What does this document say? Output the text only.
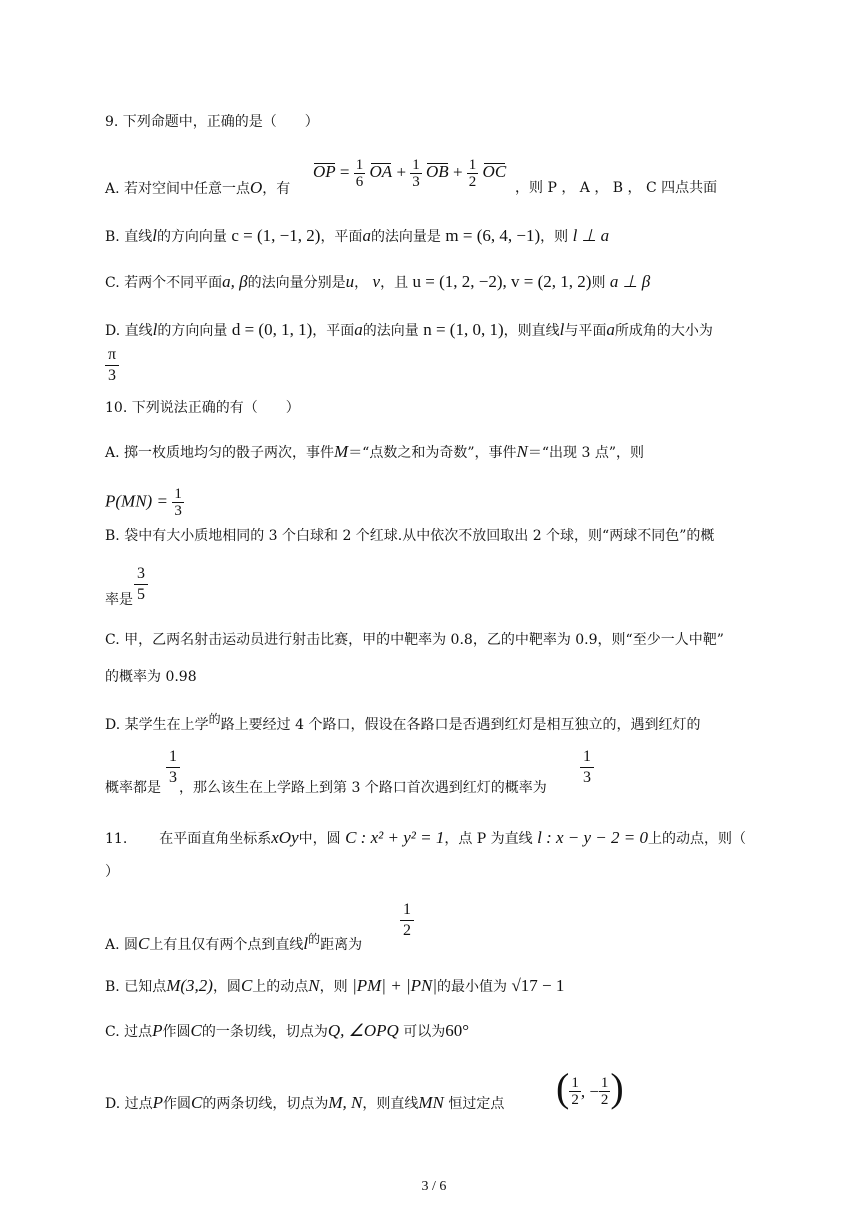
9. 下列命题中，正确的是（　　）
A. 若对空间中任意一点O，有
OP = $\frac{1}{6}$ OA + $\frac{1}{3}$ OB + $\frac{1}{2}$ OC
，则 P ， A ， B ， C 四点共面
B. 直线l的方向向量 c = (1, −1, 2)，平面a的法向量是 m = (6, 4, −1)，则 l ⊥ a
C. 若两个不同平面a, β的法向量分别是u， v，且 u = (1, 2, −2), v = (2, 1, 2)则 a ⊥ β
D. 直线l的方向向量 d = (0, 1, 1)，平面a的法向量 n = (1, 0, 1)，则直线l与平面a所成角的大小为
π
3
10. 下列说法正确的有（　　）
A. 掷一枚质地均匀的骰子两次，事件M＝“点数之和为奇数”，事件N＝“出现 3 点”，则
$P(MN) = \frac{1}{3}$
B. 袋中有大小质地相同的 3 个白球和 2 个红球.从中依次不放回取出 2 个球，则“两球不同色”的概
3
5
率是
C. 甲，乙两名射击运动员进行射击比赛，甲的中靶率为 0.8，乙的中靶率为 0.9，则“至少一人中靶”
的概率为 0.98
D. 某学生在上学的路上要经过 4 个路口，假设在各路口是否遇到红灯是相互独立的，遇到红灯的
1
3
概率都是 ，那么该生在上学路上到第 3 个路口首次遇到红灯的概率为
1
3
11. 在平面直角坐标系xOy中，圆 C : x² + y² = 1，点 P 为直线 l : x − y − 2 = 0上的动点，则（
）
1
2
A. 圆C上有且仅有两个点到直线l的距离为
B. 已知点M(3,2)，圆C上的动点N，则 |PM| + |PN|的最小值为 √17 − 1
C. 过点P作圆C的一条切线，切点为Q, ∠OPQ 可以为60°
D. 过点P作圆C的两条切线，切点为M, N，则直线MN 恒过定点 ( $\frac{1}{2}$ , − $\frac{1}{2}$ )
3 / 6
